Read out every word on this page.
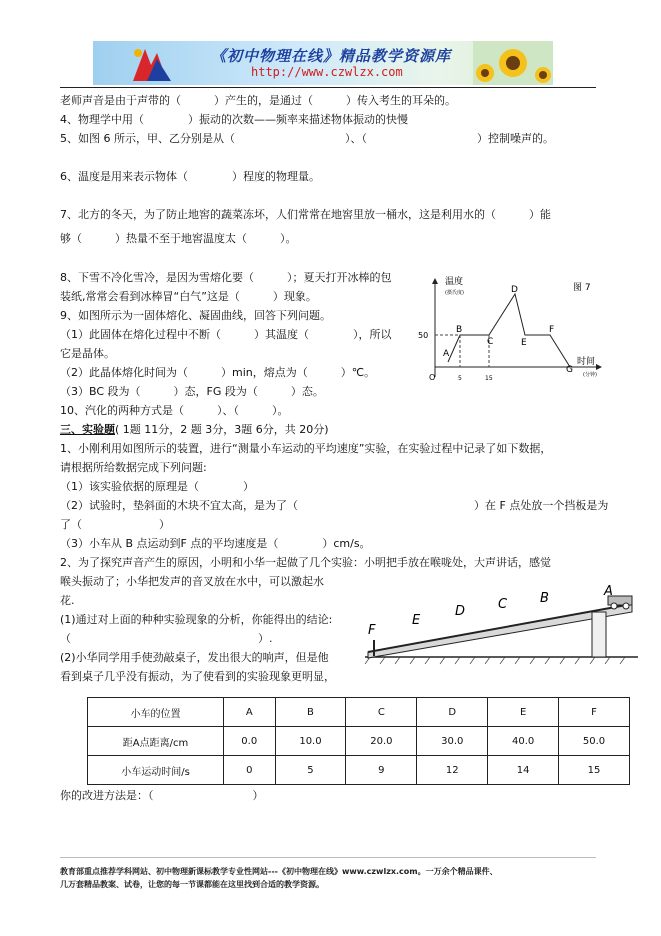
《初中物理在线》精品教学资源库
http://www.czwlzx.com
老师声音是由于声带的（　　　）产生的，是通过（　　　）传入考生的耳朵的。
4、物理学中用（　　　　）振动的次数——频率来描述物体振动的快慢
5、如图 6 所示，甲、乙分别是从（　　　　　　　　　　）、（　　　　　　　　　　）控制噪声的。
6、温度是用来表示物体（　　　　）程度的物理量。
7、北方的冬天，为了防止地窖的蔬菜冻坏，人们常常在地窖里放一桶水，这是利用水的（　　　）能
够（　　　）热量不至于地窖温度太（　　　）。
8、下雪不冷化雪冷，是因为雪熔化要（　　　）；夏天打开冰棒的包
装纸,常常会看到冰棒冒“白气”这是（　　　）现象。
9、如图所示为一固体熔化、凝固曲线，回答下列问题。
（1）此固体在熔化过程中不断（　　　）其温度（　　　　），所以
它是晶体。
（2）此晶体熔化时间为（　　　）min，熔点为（　　　）℃。
（3）BC 段为（　　　）态，FG 段为（　　　）态。
10、汽化的两种方式是（　　　）、（　　　）。
三、实验题( 1题 11分，2 题 3分，3题 6分，共 20分)
1、小刚利用如图所示的装置，进行“测量小车运动的平均速度”实验，在实验过程中记录了如下数据，
请根据所给数据完成下列问题:
（1）该实验依据的原理是（　　　　）
（2）试验时，垫斜面的木块不宜太高，是为了（　　　　　　　　　　　　　　　　）在 F 点处放一个挡板是为
了（　　　　　　　）
（3）小车从 B 点运动到F 点的平均速度是（　　　　）cm/s。
2、为了探究声音产生的原因，小明和小华一起做了几个实验：小明把手放在喉咙处，大声讲话，感觉
喉头振动了；小华把发声的音叉放在水中，可以激起水
花.
(1)通过对上面的种种实验现象的分析，你能得出的结论:
（　　　　　　　　　　　　　　　　　）.
(2)小华同学用手使劲敲桌子，发出很大的响声，但是他
看到桌子几乎没有振动，为了使看到的实验现象更明显，
你的改进方法是：（　　　　　　　　　）
温度
(摄氏度)	图 7
50
O	5	15
时间
(分钟)
A
B
C
D
E
F
G
F
E
D	C	B	A
小车的位置	A	B	C	D	E	F
距A点距离/cm	0.0	10.0	20.0	30.0	40.0	50.0
小车运动时间/s	0	5	9	12	14	15
教育部重点推荐学科网站、初中物理新课标教学专业性网站---《初中物理在线》www.czwlzx.com。一万余个精品课件、
几万套精品教案、试卷，让您的每一节课都能在这里找到合适的教学资源。
